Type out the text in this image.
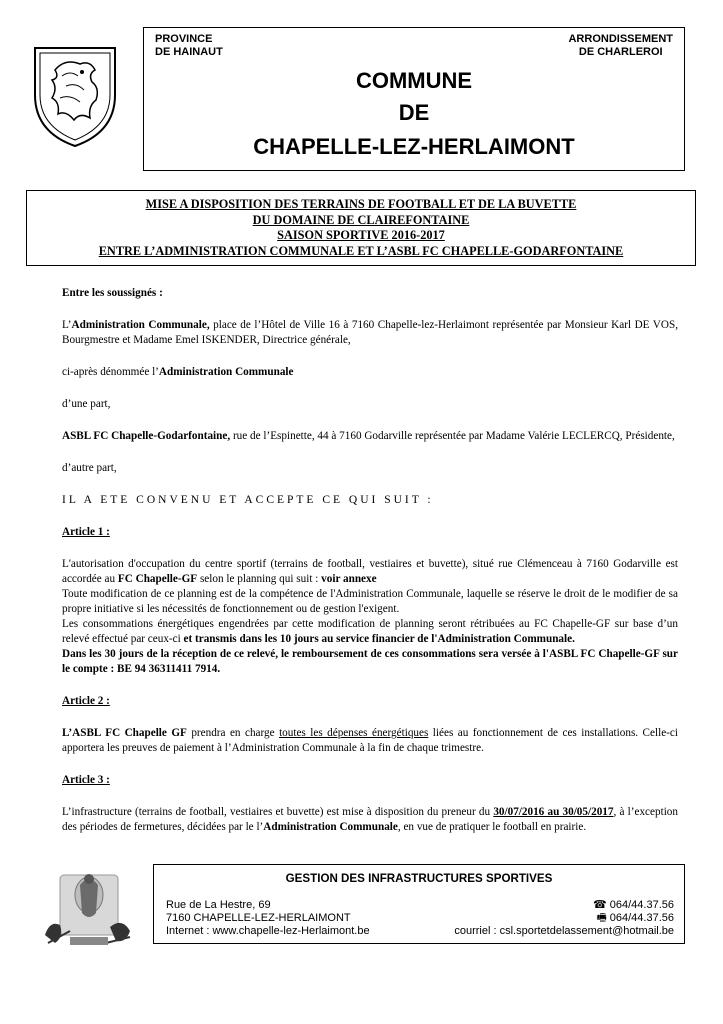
PROVINCE
DE HAINAUT
ARRONDISSEMENT
DE CHARLEROI
COMMUNE
DE
CHAPELLE-LEZ-HERLAIMONT
MISE A DISPOSITION DES TERRAINS DE FOOTBALL ET DE LA BUVETTE
DU DOMAINE DE CLAIREFONTAINE
SAISON SPORTIVE 2016-2017
ENTRE L’ADMINISTRATION COMMUNALE ET L’ASBL FC CHAPELLE-GODARFONTAINE

Entre les soussignés :

L’Administration Communale, place de l’Hôtel de Ville 16 à 7160 Chapelle-lez-Herlaimont représentée par Monsieur Karl DE VOS, Bourgmestre et Madame Emel ISKENDER, Directrice générale,

ci-après dénommée l’Administration Communale

d’une part,

ASBL FC Chapelle-Godarfontaine, rue de l’Espinette, 44 à 7160 Godarville représentée par Madame Valérie LECLERCQ, Présidente,

d’autre part,

IL A ETE CONVENU ET ACCEPTE CE QUI SUIT :

Article 1 :

L'autorisation d'occupation du centre sportif (terrains de football, vestiaires et buvette), situé rue Clémenceau à 7160 Godarville est accordée au FC Chapelle-GF selon le planning qui suit : voir annexe
Toute modification de ce planning est de la compétence de l'Administration Communale, laquelle se réserve le droit de le modifier de sa propre initiative si les nécessités de fonctionnement ou de gestion l'exigent.
Les consommations énergétiques engendrées par cette modification de planning seront rétribuées au FC Chapelle-GF sur base d’un relevé effectué par ceux-ci et transmis dans les 10 jours au service financier de l'Administration Communale.
Dans les 30 jours de la réception de ce relevé, le remboursement de ces consommations sera versée à l'ASBL FC Chapelle-GF sur le compte : BE 94 36311411 7914.

Article 2 :

L’ASBL FC Chapelle GF prendra en charge toutes les dépenses énergétiques liées au fonctionnement de ces installations. Celle-ci apportera les preuves de paiement à l’Administration Communale à la fin de chaque trimestre.

Article 3 :

L’infrastructure (terrains de football, vestiaires et buvette) est mise à disposition du preneur du 30/07/2016 au 30/05/2017, à l’exception des périodes de fermetures, décidées par le l’Administration Communale, en vue de pratiquer le football en prairie.

GESTION DES INFRASTRUCTURES SPORTIVES
Rue de La Hestre, 69
7160 CHAPELLE-LEZ-HERLAIMONT
Internet : www.chapelle-lez-Herlaimont.be
☎ 064/44.37.56
🖷 064/44.37.56
courriel : csl.sportetdelassement@hotmail.be
